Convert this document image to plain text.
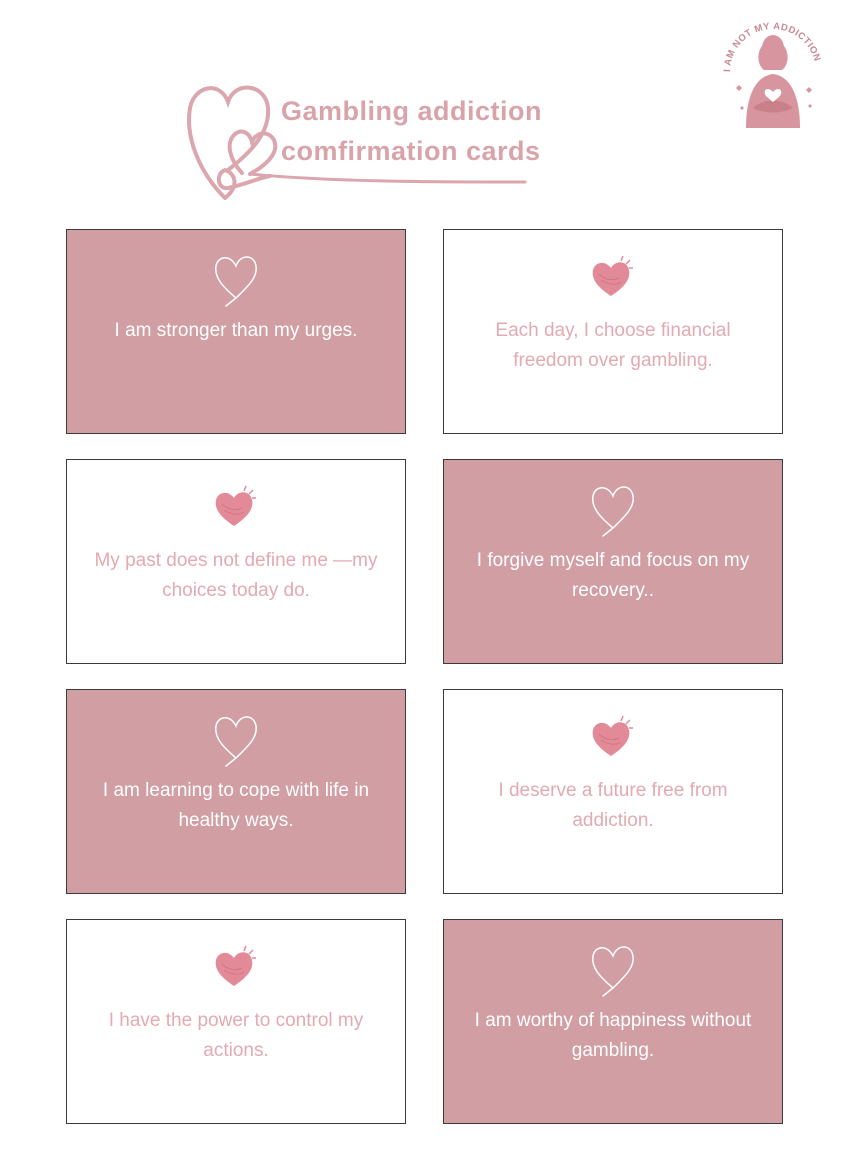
Gambling addiction
comfirmation cards
I AM NOT MY ADDICTION
I am stronger than my urges.	Each day, I choose financial freedom over gambling.
My past does not define me —my choices today do.
I forgive myself and focus on my recovery..
I am learning to cope with life in healthy ways.
I deserve a future free from addiction.
I have the power to control my actions.
I am worthy of happiness without gambling.
